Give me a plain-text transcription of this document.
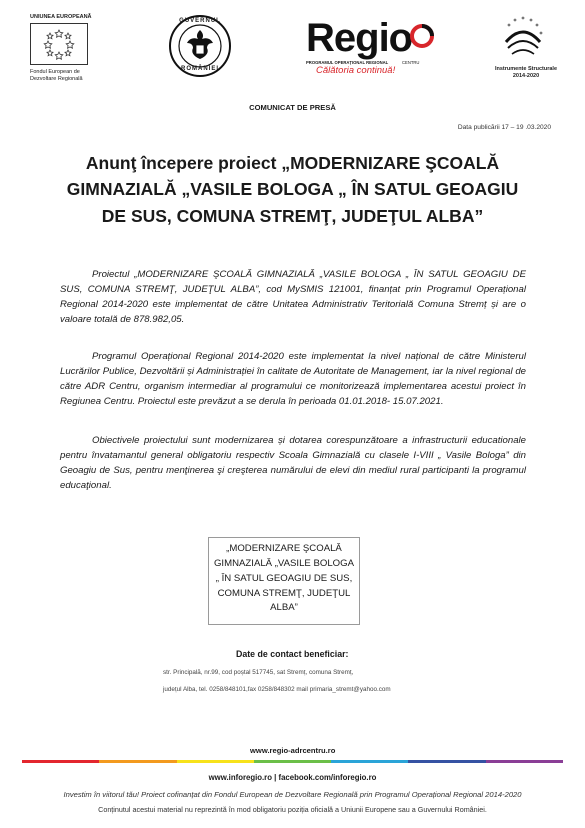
UNIUNEA EUROPEANĂ
Fondul European de
Dezvoltare Regională
GUVERNUL
ROMÂNIEI
Regio
PROGRAMUL OPERAȚIONAL REGIONAL	CENTRU
Călătoria continuă!	Instrumente Structurale
2014-2020
COMUNICAT DE PRESĂ
Data publicării 17 – 19 .03.2020
Anunţ începere proiect „MODERNIZARE ŞCOALĂ GIMNAZIALĂ „VASILE BOLOGA „ ÎN SATUL GEOAGIU DE SUS, COMUNA STREMŢ, JUDEŢUL ALBA”
Proiectul „MODERNIZARE ŞCOALĂ GIMNAZIALĂ „VASILE BOLOGA „ ÎN SATUL GEOAGIU DE SUS, COMUNA STREMŢ, JUDEŢUL ALBA”, cod MySMIS 121001, finanțat prin Programul Operațional Regional 2014-2020 este implementat de către Unitatea Administrativ Teritorială Comuna Stremț și are o valoare totală de 878.982,05.
Programul Operațional Regional 2014-2020 este implementat la nivel național de către Ministerul Lucrărilor Publice, Dezvoltării și Administrației în calitate de Autoritate de Management, iar la nivel regional de către ADR Centru, organism intermediar al programului ce monitorizează implementarea acestui proiect în Regiunea Centru. Proiectul este prevăzut a se derula în perioada 01.01.2018- 15.07.2021.
Obiectivele proiectului sunt modernizarea și dotarea corespunzătoare a infrastructurii educationale pentru învatamantul general obligatoriu respectiv Scoala Gimnazială cu clasele I-VIII „ Vasile Bologa” din Geoagiu de Sus, pentru menţinerea şi creşterea numărului de elevi din mediul rural participanti la programul educaţional.
„MODERNIZARE ŞCOALĂ GIMNAZIALĂ „VASILE BOLOGA „ ÎN SATUL GEOAGIU DE SUS, COMUNA STREMŢ, JUDEŢUL ALBA”
Date de contact beneficiar:
str. Principală, nr.99, cod poștal 517745, sat Stremț, comuna Stremț,
județul Alba, tel. 0258/848101,fax 0258/848302 mail primaria_stremt@yahoo.com
www.regio-adrcentru.ro
www.inforegio.ro | facebook.com/inforegio.ro
Investim în viitorul tău! Proiect cofinanțat din Fondul European de Dezvoltare Regională prin Programul Operațional Regional 2014-2020
Conținutul acestui material nu reprezintă în mod obligatoriu poziția oficială a Uniunii Europene sau a Guvernului României.
